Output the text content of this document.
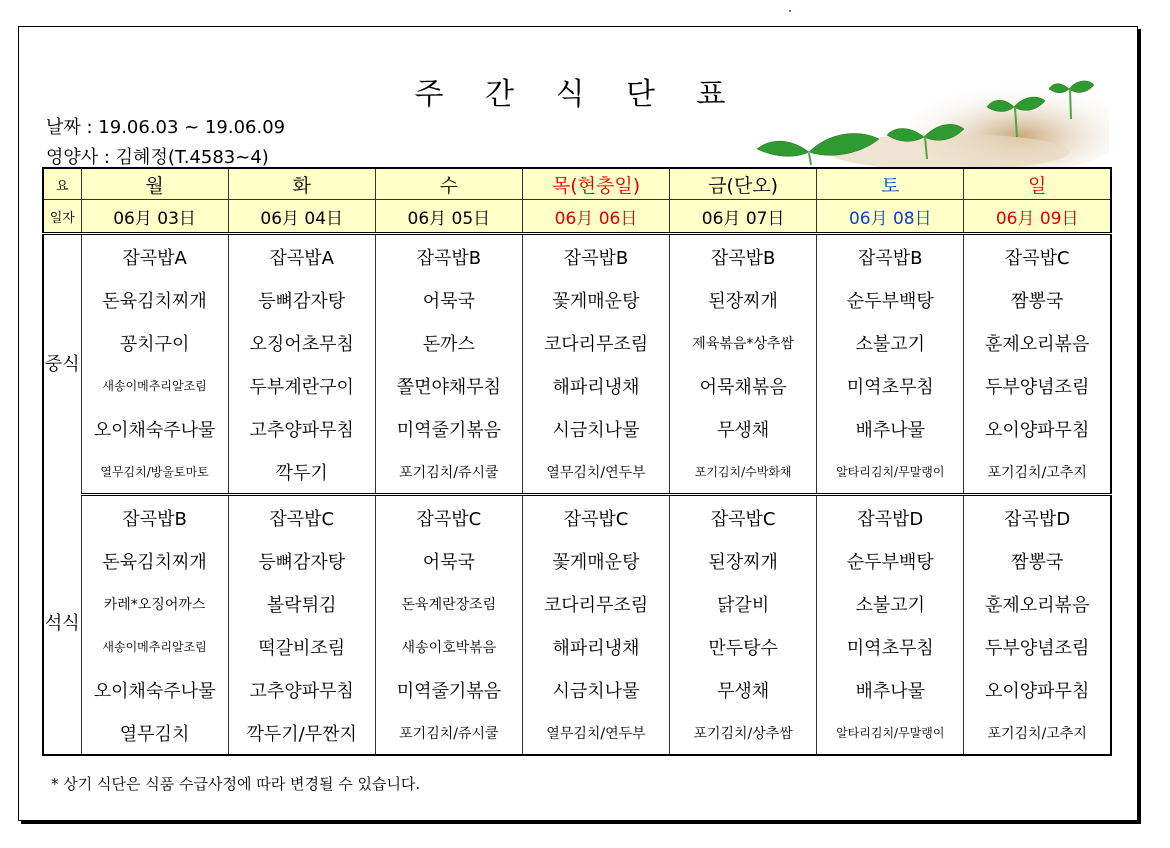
주 간 식 단 표
날짜 : 19.06.03 ~ 19.06.09
영양사 : 김혜정(T.4583~4)
요	월	화	수	목(현충일)	금(단오)	토	일
일자	06月 03日	06月 04日	06月 05日	06月 06日	06月 07日	06月 08日	06月 09日
중식	잡곡밥A	잡곡밥A	잡곡밥B	잡곡밥B	잡곡밥B	잡곡밥B	잡곡밥C
	돈육김치찌개	등뼈감자탕	어묵국	꽃게매운탕	된장찌개	순두부백탕	짬뽕국
	꽁치구이	오징어초무침	돈까스	코다리무조림	제육볶음*상추쌈	소불고기	훈제오리볶음
	새송이메추리알조림	두부계란구이	쫄면야채무침	해파리냉채	어묵채볶음	미역초무침	두부양념조림
	오이채숙주나물	고추양파무침	미역줄기볶음	시금치나물	무생채	배추나물	오이양파무침
	열무김치/방울토마토	깍두기	포기김치/쥬시쿨	열무김치/연두부	포기김치/수박화채	알타리김치/무말랭이	포기김치/고추지
석식	잡곡밥B	잡곡밥C	잡곡밥C	잡곡밥C	잡곡밥C	잡곡밥D	잡곡밥D
	돈육김치찌개	등뼈감자탕	어묵국	꽃게매운탕	된장찌개	순두부백탕	짬뽕국
	카레*오징어까스	볼락튀김	돈육계란장조림	코다리무조림	닭갈비	소불고기	훈제오리볶음
	새송이메추리알조림	떡갈비조림	새송이호박볶음	해파리냉채	만두탕수	미역초무침	두부양념조림
	오이채숙주나물	고추양파무침	미역줄기볶음	시금치나물	무생채	배추나물	오이양파무침
	열무김치	깍두기/무짠지	포기김치/쥬시쿨	열무김치/연두부	포기김치/상추쌈	알타리김치/무말랭이	포기김치/고추지
* 상기 식단은 식품 수급사정에 따라 변경될 수 있습니다.
